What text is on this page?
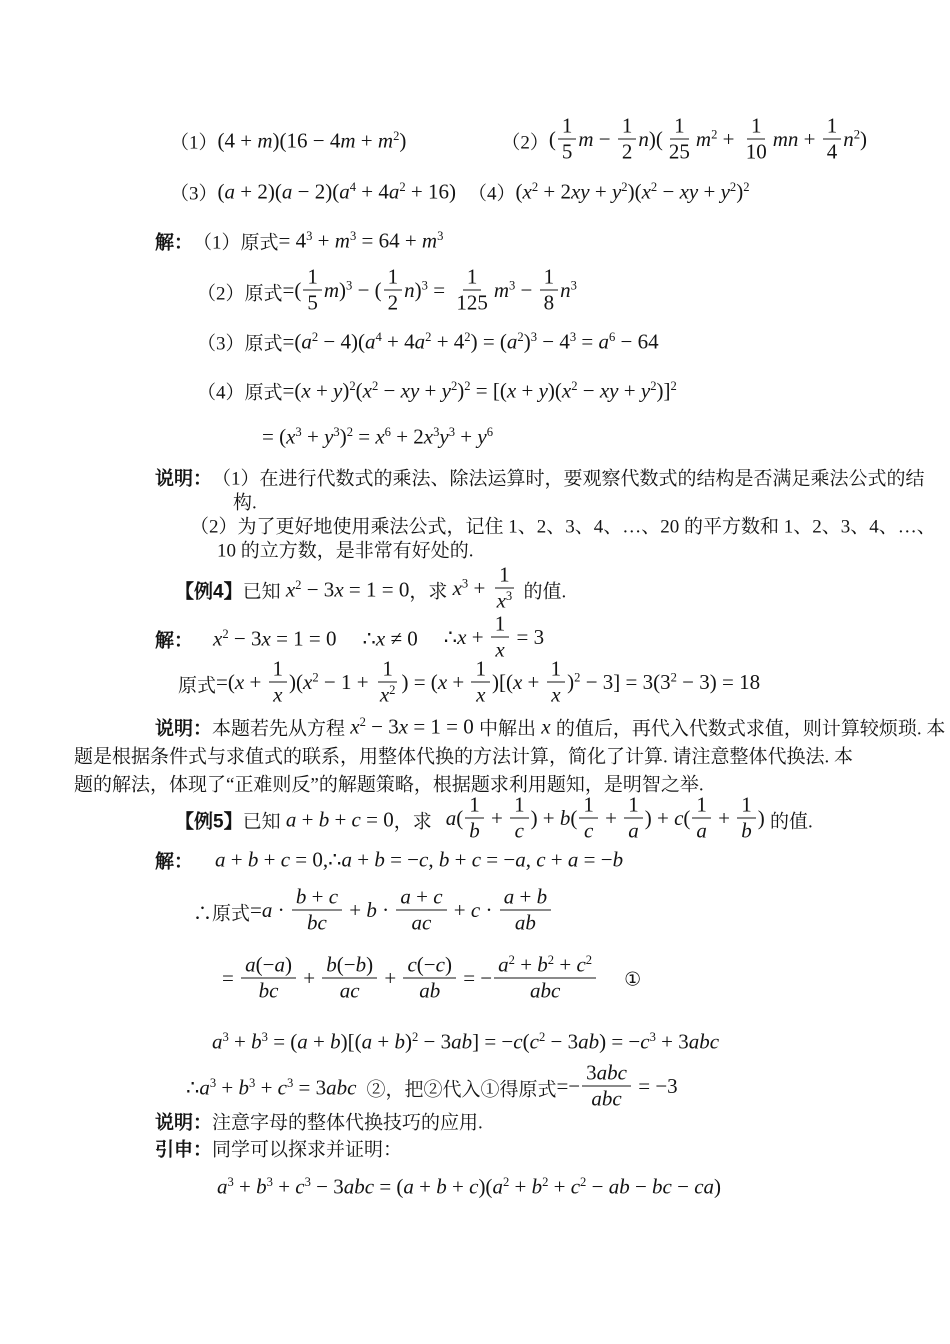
（1） $(4 + m)(16 - 4m + m^2)$	（2） ( $\frac{1}{5}$ $m - \frac{1}{2} n)( \frac{1}{25} m^2 + \frac{1}{10}$ mn + $\frac{1}{4} n^2$)
（3） $(a + 2)(a - 2)(a^4 + 4a^2 + 16)$ （4） $(x^2 + 2xy + y^2)(x^2$ − xy + $y^2)^2$
解： （1）原式 = $4^3 + m^3 = 64 + m^3$
（2）原式 =( $\frac{1}{5} m)^3$ − ( $\frac{1}{2} n)^3 = \frac{1}{125} m^3 - \frac{1}{8} n^3$
（3）原式 $=(a^2 - 4)(a^4 + 4a^2 + 4^2) = (a^2)^3 - 4^3 = a^6 - 64$
（4）原式 $=(x + y)^2(x^2$ − xy + $y^2)^2 = [(x + y)(x^2$ − xy + $y^2)]^2$
= $(x^3 + y^3)^2 = x^6 + 2x^3y^3 + y^6$
说明： （1）在进行代数式的乘法、除法运算时，要观察代数式的结构是否满足乘法公式的结
构.
（2）为了更好地使用乘法公式，记住 1、2、3、4、…、20 的平方数和 1、2、3、4、…、
10 的立方数，是非常有好处的.
【例4】 已知 $x^2 - 3x = 1 = 0$ ，求 $x^3 + \frac{1}{x^3}$
的值.
解： $x^2 - 3x = 1 = 0$ ∴x ≠ 0 ∴x + $\frac{1}{x} = 3$
原式 $=(x + \frac{1}{x} )(x^2 - 1 + \frac{1}{x^2}$ ) = $(x + \frac{1}{x} )[(x + \frac{1}{x} )^2 - 3] = 3(3^2 - 3) = 18$
说明： 本题若先从方程 $x^2 - 3x = 1 = 0$ 中解出 x 的值后，再代入代数式求值，则计算较烦琐. 本
题是根据条件式与求值式的联系，用整体代换的方法计算，简化了计算. 请注意整体代换法. 本
题的解法，体现了“正难则反”的解题策略，根据题求利用题知，是明智之举.
【例5】 已知 a + b + c = 0 ，求 $a( \frac{1}{b} + \frac{1}{c}$ ) + $b( \frac{1}{c} + \frac{1}{a}$ ) + $c( \frac{1}{a} + \frac{1}{b}$ ) 的值.
解： a + b + c = 0,∴a + b = −c, b + c = −a, c + a = −b
∴原式 $=a \cdot \frac{b + c}{bc} + b \cdot \frac{a + c}{ac} + c \cdot \frac{a + b}{ab}$
= $\frac{a(-a)}{bc} + \frac{b(-b)}{ac} + \frac{c(-c)}{ab}$ = − $\frac{a^2 + b^2 + c^2}{\text{abc}}$ ①
$a^3 + b^3 = (a + b)[(a + b)^2 - 3ab] = -c(c^2 - 3ab) = -c^3 + 3abc$
$\therefore a^3 + b^3 + c^3 = 3abc$ ②，把②代入①得原式 =− $\frac{\text{3abc}}{\text{abc}} = -3$
说明： 注意字母的整体代换技巧的应用.
引申： 同学可以探求并证明：
$a^3 + b^3 + c^3 - 3abc = (a + b + c)(a^2 + b^2 + c^2$ − ab − bc − ca)
